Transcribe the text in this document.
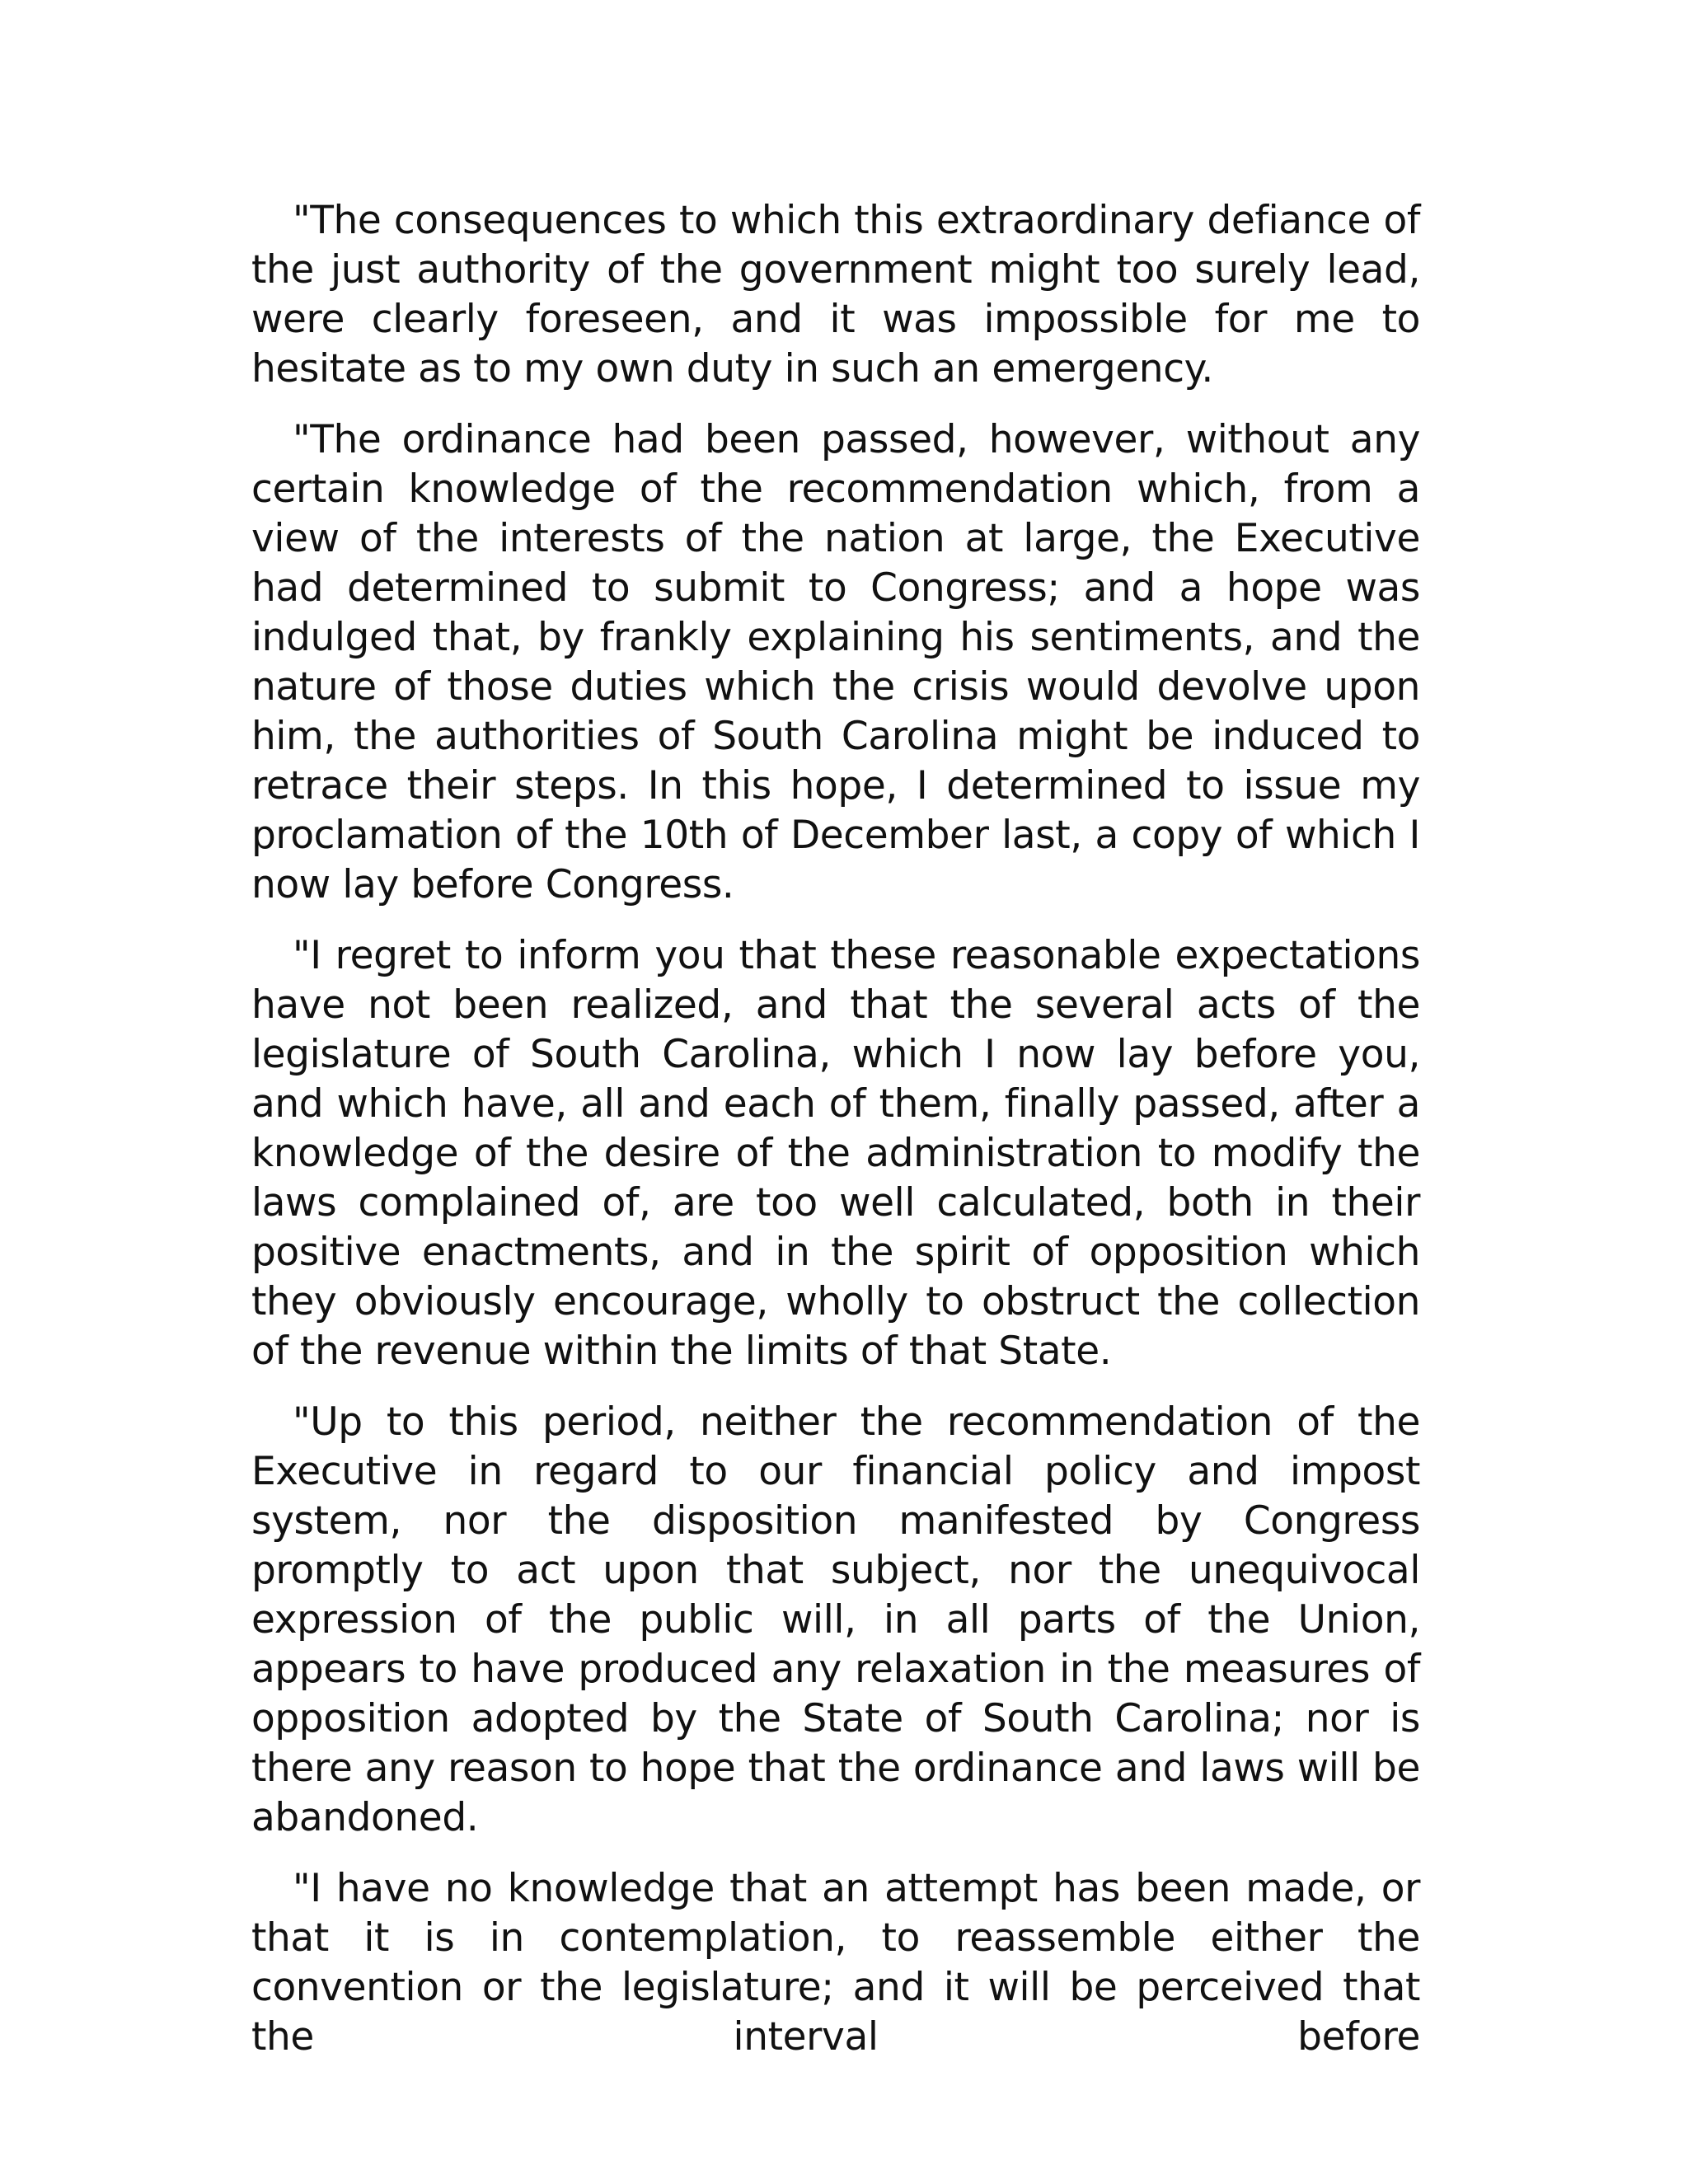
"The consequences to which this extraordinary defiance of the just authority of the government might too surely lead, were clearly foreseen, and it was impossible for me to hesitate as to my own duty in such an emergency.

"The ordinance had been passed, however, without any certain knowledge of the recommendation which, from a view of the interests of the nation at large, the Executive had determined to submit to Congress; and a hope was indulged that, by frankly explaining his sentiments, and the nature of those duties which the crisis would devolve upon him, the authorities of South Carolina might be induced to retrace their steps. In this hope, I determined to issue my proclamation of the 10th of December last, a copy of which I now lay before Congress.

"I regret to inform you that these reasonable expectations have not been realized, and that the several acts of the legislature of South Carolina, which I now lay before you, and which have, all and each of them, finally passed, after a knowledge of the desire of the administration to modify the laws complained of, are too well calculated, both in their positive enactments, and in the spirit of opposition which they obviously encourage, wholly to obstruct the collection of the revenue within the limits of that State.

"Up to this period, neither the recommendation of the Executive in regard to our financial policy and impost system, nor the disposition manifested by Congress promptly to act upon that subject, nor the unequivocal expression of the public will, in all parts of the Union, appears to have produced any relaxation in the measures of opposition adopted by the State of South Carolina; nor is there any reason to hope that the ordinance and laws will be abandoned.

"I have no knowledge that an attempt has been made, or that it is in contemplation, to reassemble either the convention or the legislature; and it will be perceived that the interval before
